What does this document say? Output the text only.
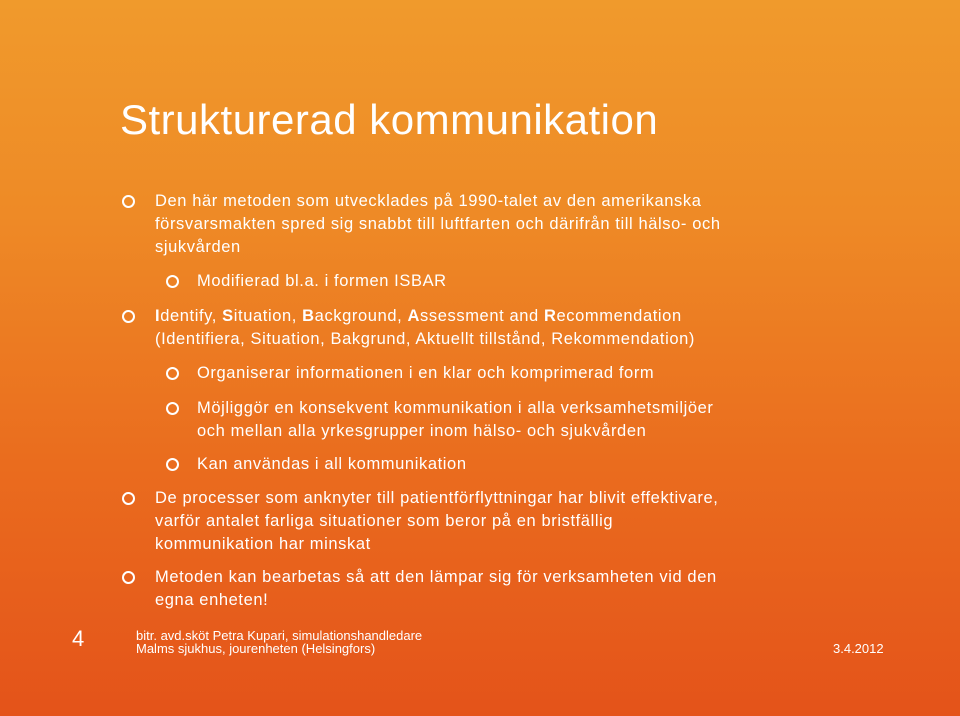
Strukturerad kommunikation
Den här metoden som utvecklades på 1990-talet av den amerikanska
försvarsmakten spred sig snabbt till luftfarten och därifrån till hälso- och
sjukvården
Modifierad bl.a. i formen ISBAR
Identify, Situation, Background, Assessment and Recommendation
(Identifiera, Situation, Bakgrund, Aktuellt tillstånd, Rekommendation)
Organiserar informationen i en klar och komprimerad form
Möjliggör en konsekvent kommunikation i alla verksamhetsmiljöer
och mellan alla yrkesgrupper inom hälso- och sjukvården
Kan användas i all kommunikation
De processer som anknyter till patientförflyttningar har blivit effektivare,
varför antalet farliga situationer som beror på en bristfällig
kommunikation har minskat
Metoden kan bearbetas så att den lämpar sig för verksamheten vid den
egna enheten!
4	bitr. avd.sköt Petra Kupari, simulationshandledare
Malms sjukhus, jourenheten (Helsingfors)	3.4.2012
